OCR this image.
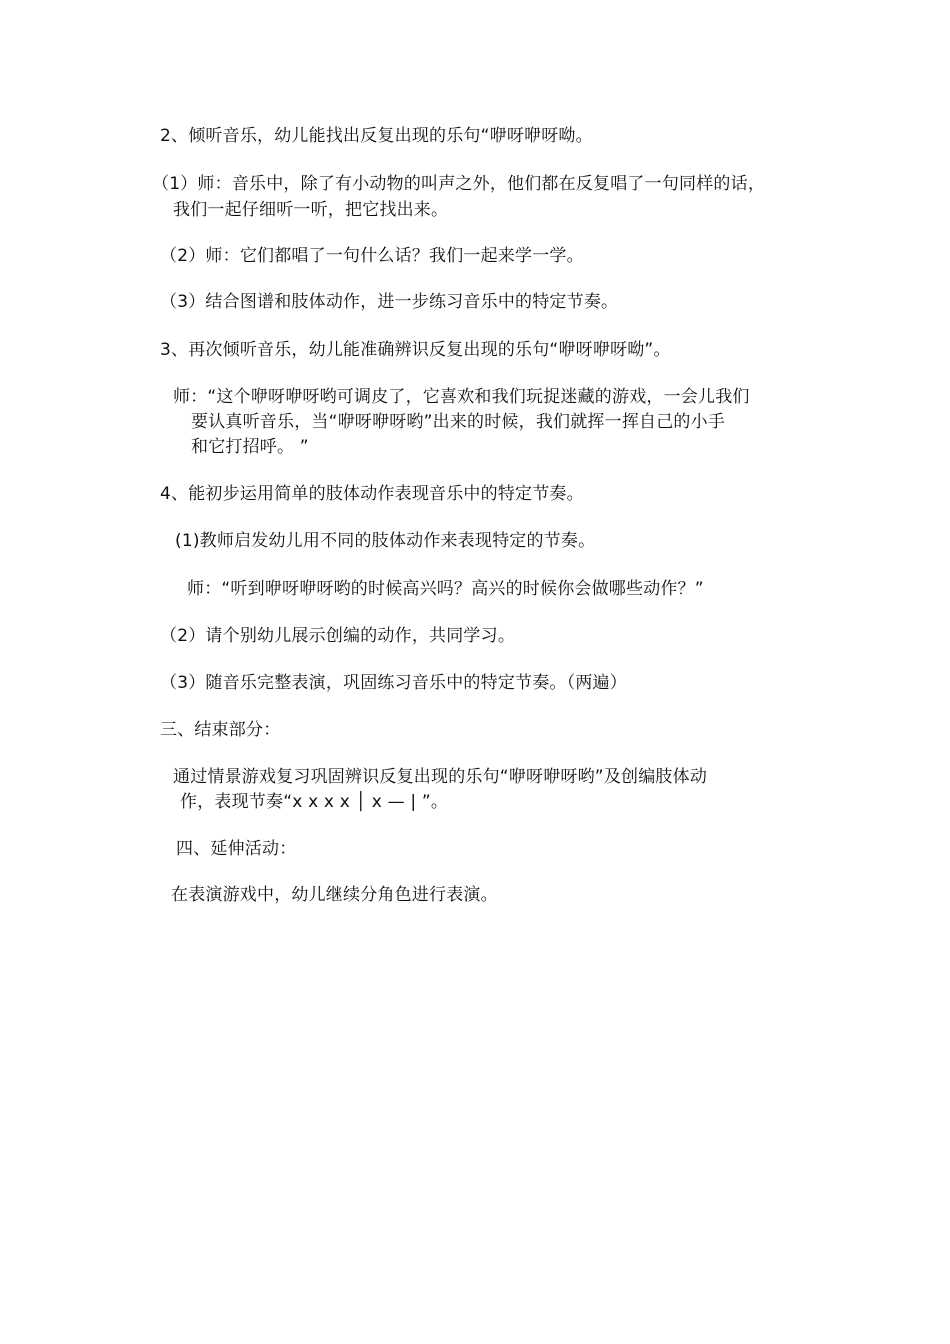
2、倾听音乐，幼儿能找出反复出现的乐句“咿呀咿呀呦。
（1）师：音乐中，除了有小动物的叫声之外，他们都在反复唱了一句同样的话，
我们一起仔细听一听，把它找出来。
（2）师：它们都唱了一句什么话？我们一起来学一学。
（3）结合图谱和肢体动作，进一步练习音乐中的特定节奏。
3、再次倾听音乐，幼儿能准确辨识反复出现的乐句“咿呀咿呀呦”。
师：“这个咿呀咿呀哟可调皮了，它喜欢和我们玩捉迷藏的游戏，一会儿我们
要认真听音乐，当“咿呀咿呀哟”出来的时候，我们就挥一挥自己的小手
和它打招呼。 ”
4、能初步运用简单的肢体动作表现音乐中的特定节奏。
(1)教师启发幼儿用不同的肢体动作来表现特定的节奏。
师：“听到咿呀咿呀哟的时候高兴吗？高兴的时候你会做哪些动作？”
（2）请个别幼儿展示创编的动作，共同学习。
（3）随音乐完整表演，巩固练习音乐中的特定节奏。（两遍）
三、结束部分：
通过情景游戏复习巩固辨识反复出现的乐句“咿呀咿呀哟”及创编肢体动
作，表现节奏“x x x x │ x — | ”。
四、延伸活动：
在表演游戏中，幼儿继续分角色进行表演。
